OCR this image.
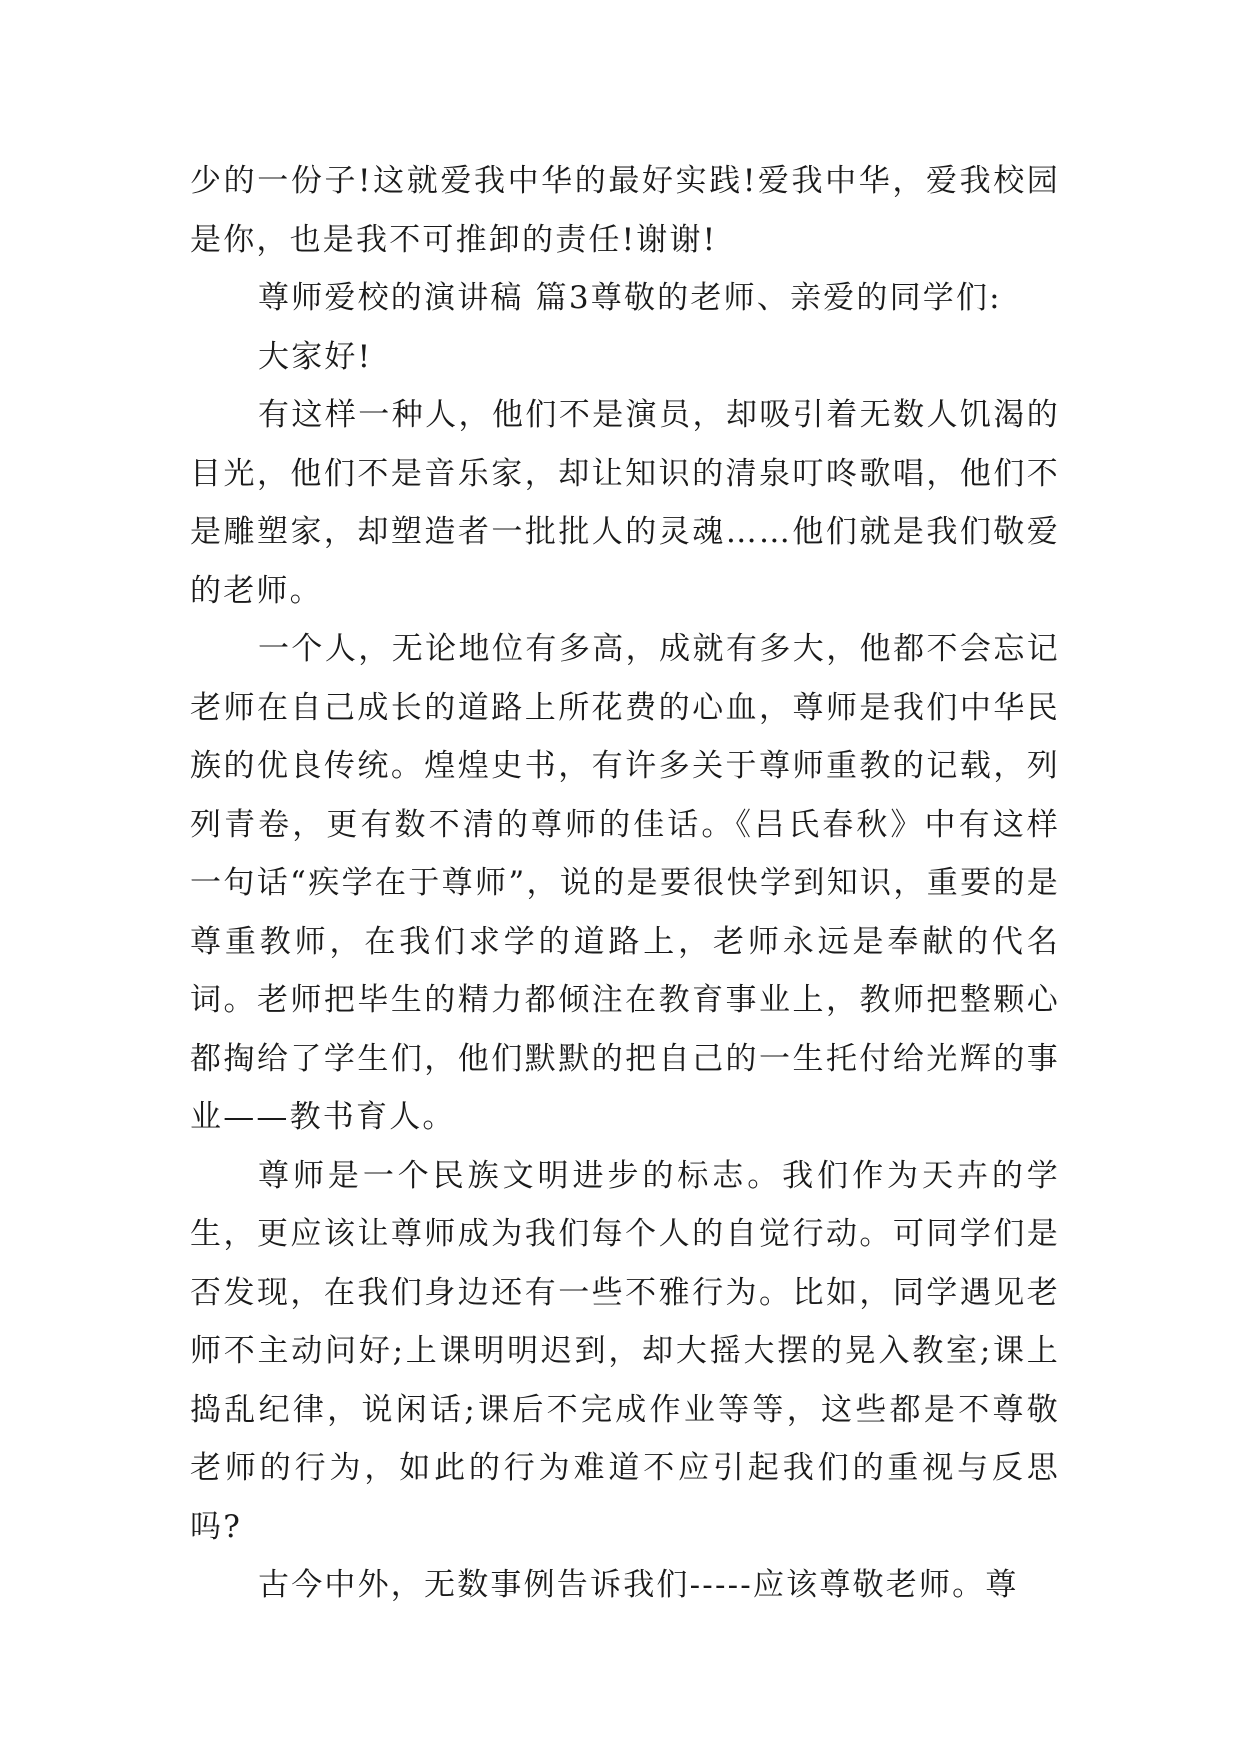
少的一份子!这就爱我中华的最好实践!爱我中华，爱我校园是你，也是我不可推卸的责任!谢谢!

尊师爱校的演讲稿 篇3尊敬的老师、亲爱的同学们:

大家好!

有这样一种人，他们不是演员，却吸引着无数人饥渴的目光，他们不是音乐家，却让知识的清泉叮咚歌唱，他们不是雕塑家，却塑造者一批批人的灵魂……他们就是我们敬爱的老师。

一个人，无论地位有多高，成就有多大，他都不会忘记老师在自己成长的道路上所花费的心血，尊师是我们中华民族的优良传统。煌煌史书，有许多关于尊师重教的记载，列列青卷，更有数不清的尊师的佳话。《吕氏春秋》中有这样一句话“疾学在于尊师”，说的是要很快学到知识，重要的是尊重教师，在我们求学的道路上，老师永远是奉献的代名词。老师把毕生的精力都倾注在教育事业上，教师把整颗心都掏给了学生们，他们默默的把自己的一生托付给光辉的事业——教书育人。

尊师是一个民族文明进步的标志。我们作为天卉的学生，更应该让尊师成为我们每个人的自觉行动。可同学们是否发现，在我们身边还有一些不雅行为。比如，同学遇见老师不主动问好;上课明明迟到，却大摇大摆的晃入教室;课上捣乱纪律，说闲话;课后不完成作业等等，这些都是不尊敬老师的行为，如此的行为难道不应引起我们的重视与反思吗?

古今中外，无数事例告诉我们-----应该尊敬老师。尊
